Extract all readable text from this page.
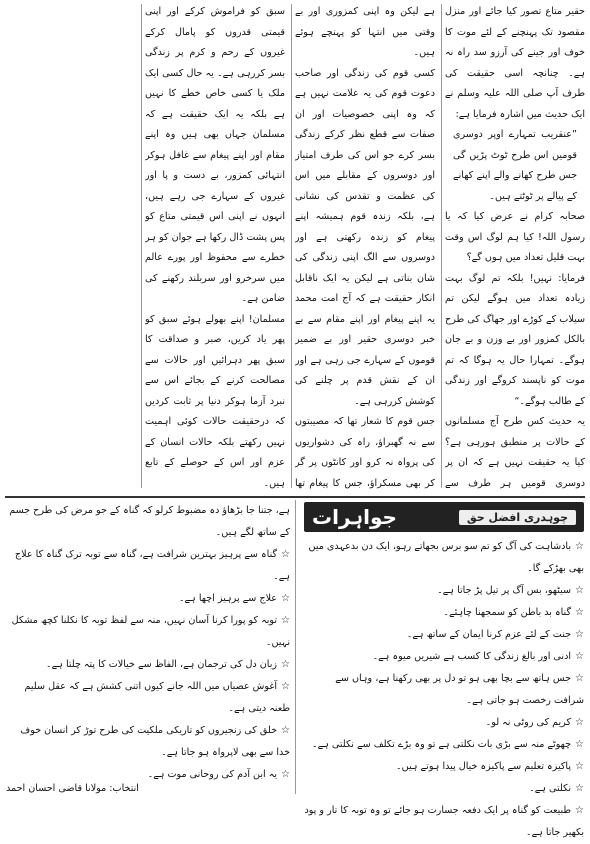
حقیر متاع تصور کیا جائے اور منزل مقصود تک پہنچنے کے لئے موت کا خوف اور جینے کی آرزو سد راہ نہ ہے۔ چنانچہ اسی حقیقت کی طرف آپ صلی اللہ علیہ وسلم نے ایک حدیث میں اشارہ فرمایا ہے:

”عنقریب تمہارے اوپر دوسری قومیں اس طرح ٹوٹ پڑیں گی جس طرح کھانے والے اپنے کھانے کے پیالے پر ٹوٹتے ہیں۔

صحابہ کرام نے عرض کیا کہ یا رسول اللہ! کیا ہم لوگ اس وقت بہت قلیل تعداد میں ہوں گے؟

فرمایا: نہیں! بلکہ تم لوگ بہت زیادہ تعداد میں ہوگے لیکن تم سیلاب کے کوڑے اور جھاگ کی طرح بالکل کمزور اور بے وزن و بے جان ہوگے۔ تمہارا حال یہ ہوگا کہ تم موت کو ناپسند کروگے اور زندگی کے طالب ہوگے۔“

یہ حدیث کس طرح آج مسلمانوں کے حالات پر منطبق ہورہی ہے؟ کیا یہ حقیقت نہیں ہے کہ ان پر دوسری قومیں ہر طرف سے

ہے لیکن وہ اپنی کمزوری اور بے وقتی میں انتہا کو پہنچے ہوئے ہیں۔

کسی قوم کی زندگی اور صاحب دعوت قوم کی یہ علامت نہیں ہے کہ وہ اپنی خصوصیات اور ان صفات سے قطع نظر کرکے زندگی بسر کرے جو اس کی طرف امتیاز اور دوسروں کے مقابلے میں اس کی عظمت و تقدس کی نشانی ہے، بلکہ زندہ قوم ہمیشہ اپنے پیغام کو زندہ رکھتی ہے اور دوسروں سے الگ اپنی زندگی کی شان بناتی ہے لیکن یہ ایک ناقابل انکار حقیقت ہے کہ آج امت محمد یہ اپنے پیغام اور اپنے مقام سے بے خبر دوسری حقیر اور بے ضمیر قوموں کے سہارے جی رہی ہے اور ان کے نقش قدم پر چلنے کی کوشش کررہی ہے۔

جس قوم کا شعار تھا کہ مصیبتوں سے نہ گھبراؤ، راہ کی دشواریوں کی پرواہ نہ کرو اور کانٹوں پر گر کر بھی مسکراؤ، جس کا پیغام تھا

سبق کو فراموش کرکے اور اپنی قیمتی قدروں کو پامال کرکے غیروں کے رحم و کرم پر زندگی بسر کررہی ہے۔ یہ حال کسی ایک ملک یا کسی خاص خطے کا نہیں ہے بلکہ یہ ایک حقیقت ہے کہ مسلمان جہاں بھی ہیں وہ اپنے مقام اور اپنے پیغام سے غافل ہوکر انتہائی کمزور، بے دست و پا اور غیروں کے سہارے جی رہے ہیں، انہوں نے اپنی اس قیمتی متاع کو پس پشت ڈال رکھا ہے جوان کو ہر خطرے سے محفوظ اور پورے عالم میں سرخرو اور سربلند رکھنے کی ضامن ہے۔

مسلمان! اپنے بھولے ہوئے سبق کو پھر یاد کریں، صبر و صداقت کا سبق پھر دہرائیں اور حالات سے مصالحت کرنے کے بجائے اس سے نبرد آزما ہوکر دنیا پر ثابت کردیں کہ درحقیقت حالات کوئی اہمیت نہیں رکھتے بلکہ حالات انسان کے عزم اور اس کے حوصلے کے تابع ہیں۔

چوہدری افضل حق
جواہرات

☆بادشاہت کی آگ کو تم سو برس بجھاتے رہو، ایک دن بدعہدی میں بھی بھڑکے گا۔

☆سیٹھو، بس آگ پر تیل پڑ جاتا ہے۔

☆گناہ بد باطن کو سمجھنا چاہئے۔

☆جنت کے لئے عزم کرنا ایمان کے ساتھ ہے۔

☆ادنی اور بالغ زندگی کا کسب ہے شیریں میوہ ہے۔

☆جس ہاتھ سے بچا بھی ہو تو دل پر بھی رکھنا ہے، وہاں سے شرافت رخصت ہو جاتی ہے۔

☆کریم کی روٹی نہ لو۔

☆چھوٹے منہ سے بڑی بات نکلتی ہے تو وہ بڑے تکلف سے نکلتی ہے۔

☆پاکیزہ تعلیم سے پاکیزہ خیال پیدا ہوتے ہیں۔

☆نکلتی ہے۔

☆طبیعت کو گناہ پر ایک دفعہ جسارت ہو جائے تو وہ توبہ کا تار و پود بکھیر جاتا ہے۔

ہے، جتنا جا بڑھاؤ دہ مضبوط کرلو کہ گناہ کے جو مرض کی طرح جسم کے ساتھ لگے ہیں۔

☆گناہ سے پرہیز بہترین شرافت ہے، گناہ سے توبہ ترک گناہ کا علاج ہے۔

☆علاج سے پرہیز اچھا ہے۔

☆توبہ کو پورا کرنا آسان نہیں، منہ سے لفظ توبہ کا نکلنا کچھ مشکل نہیں۔

☆زبان دل کی ترجمان ہے، الفاظ سے خیالات کا پتہ چلتا ہے۔

☆آغوش عصیاں میں اللہ جانے کیوں اتنی کشش ہے کہ عقل سلیم طعنہ دیتی ہے۔

☆خلق کی زنجیروں کو تاریکی ملکیت کی طرح توڑ کر انسان خوف خدا سے بھی لاپرواہ ہو جاتا ہے۔

☆یہ ابن آدم کی روحانی موت ہے۔

انتخاب: مولانا قاضی احسان احمد
